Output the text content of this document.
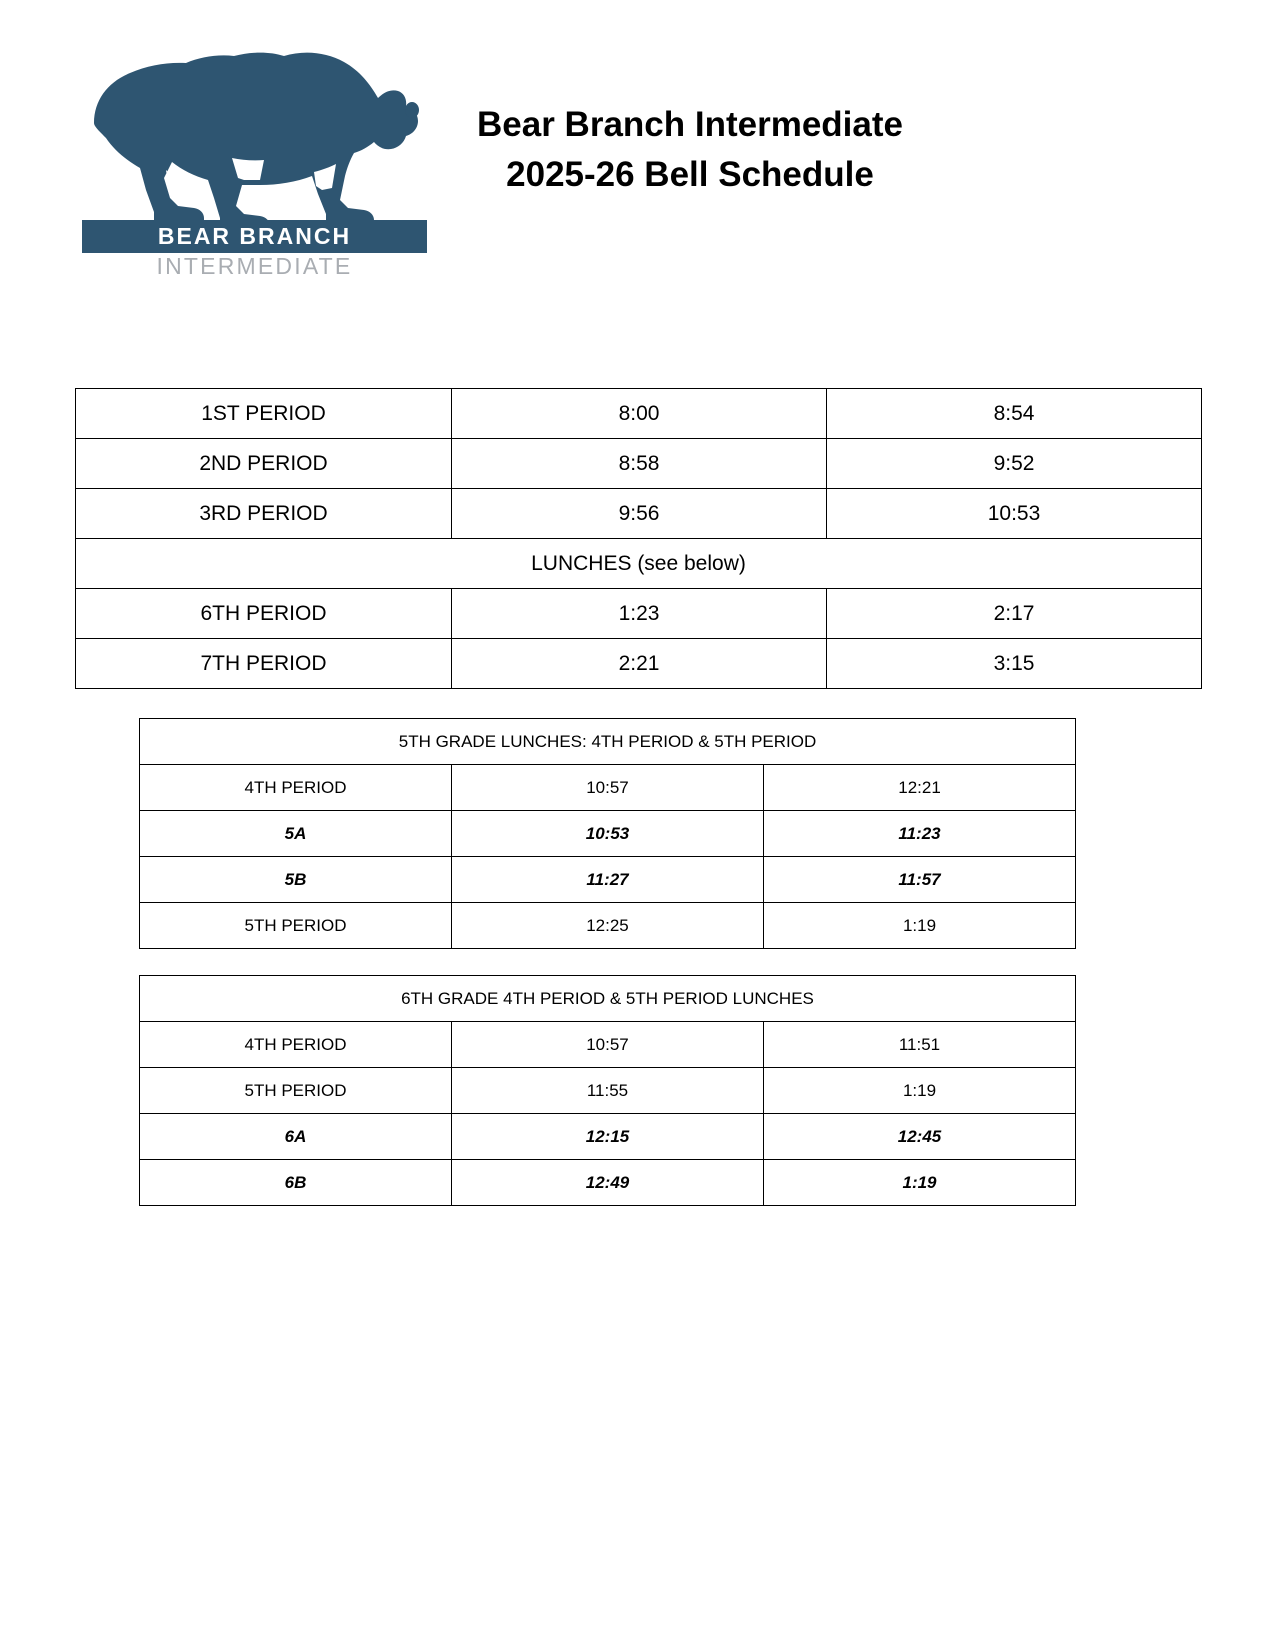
BEAR BRANCH
INTERMEDIATE
Bear Branch Intermediate
2025-26 Bell Schedule
1ST PERIOD	8:00	8:54
2ND PERIOD	8:58	9:52
3RD PERIOD	9:56	10:53
LUNCHES (see below)		
6TH PERIOD	1:23	2:17
7TH PERIOD	2:21	3:15
5TH GRADE LUNCHES: 4TH PERIOD & 5TH PERIOD		
4TH PERIOD	10:57	12:21
5A	10:53	11:23
5B	11:27	11:57
5TH PERIOD	12:25	1:19
6TH GRADE 4TH PERIOD & 5TH PERIOD LUNCHES		
4TH PERIOD	10:57	11:51
5TH PERIOD	11:55	1:19
6A	12:15	12:45
6B	12:49	1:19
